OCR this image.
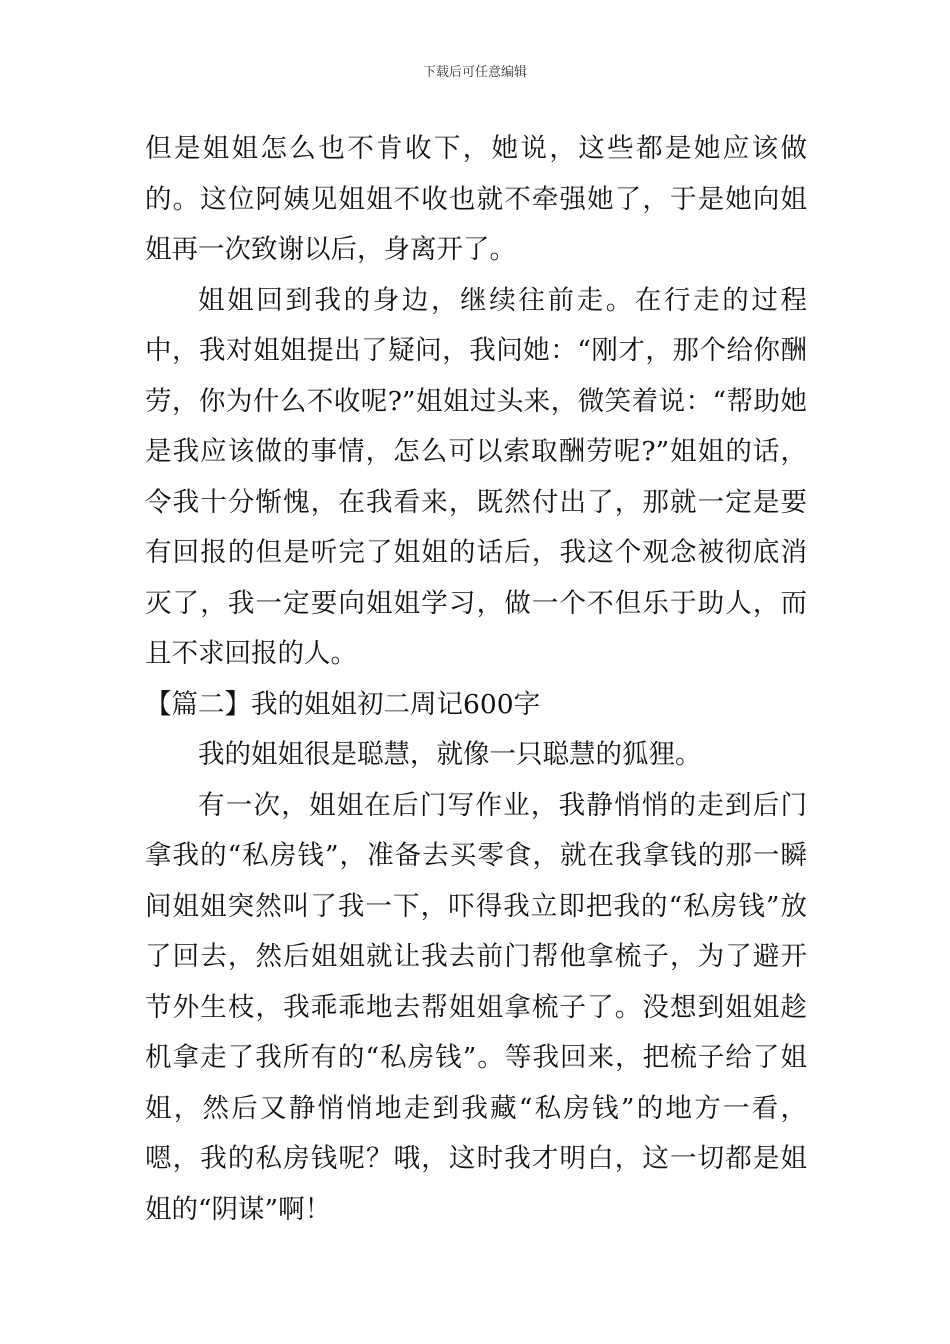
下载后可任意编辑

但是姐姐怎么也不肯收下，她说，这些都是她应该做的。这位阿姨见姐姐不收也就不牵强她了，于是她向姐姐再一次致谢以后，身离开了。

姐姐回到我的身边，继续往前走。在行走的过程中，我对姐姐提出了疑问，我问她：“刚才，那个给你酬劳，你为什么不收呢?”姐姐过头来，微笑着说：“帮助她是我应该做的事情，怎么可以索取酬劳呢?”姐姐的话，令我十分惭愧，在我看来，既然付出了，那就一定是要有回报的但是听完了姐姐的话后，我这个观念被彻底消灭了，我一定要向姐姐学习，做一个不但乐于助人，而且不求回报的人。

【篇二】我的姐姐初二周记600字

我的姐姐很是聪慧，就像一只聪慧的狐狸。

有一次，姐姐在后门写作业，我静悄悄的走到后门拿我的“私房钱”，准备去买零食，就在我拿钱的那一瞬间姐姐突然叫了我一下，吓得我立即把我的“私房钱”放了回去，然后姐姐就让我去前门帮他拿梳子，为了避开节外生枝，我乖乖地去帮姐姐拿梳子了。没想到姐姐趁机拿走了我所有的“私房钱”。等我回来，把梳子给了姐姐，然后又静悄悄地走到我藏“私房钱”的地方一看，嗯，我的私房钱呢？哦，这时我才明白，这一切都是姐姐的“阴谋”啊！
